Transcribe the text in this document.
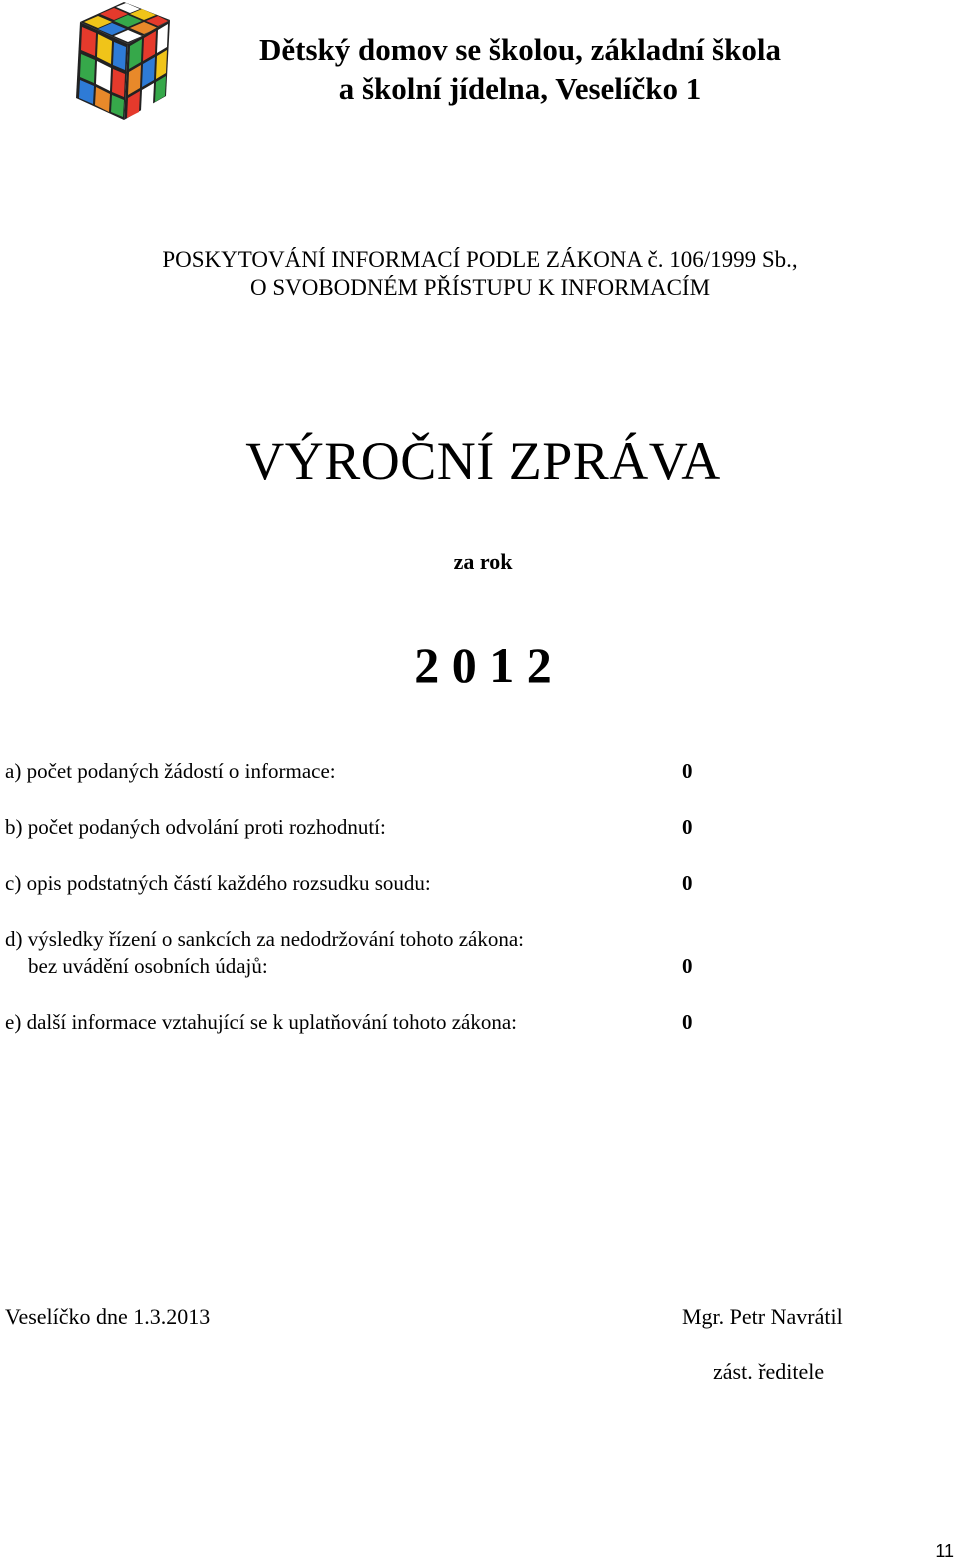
Dětský domov se školou, základní škola
a školní jídelna, Veselíčko 1
POSKYTOVÁNÍ INFORMACÍ PODLE ZÁKONA č. 106/1999 Sb.,
O SVOBODNÉM PŘÍSTUPU K INFORMACÍM
VÝROČNÍ ZPRÁVA
za rok
2 0 1 2
a) počet podaných žádostí o informace:	0
b) počet podaných odvolání proti rozhodnutí:	0
c) opis podstatných částí každého rozsudku soudu:	0
d) výsledky řízení o sankcích za nedodržování tohoto zákona:
bez uvádění osobních údajů:	0
e) další informace vztahující se k uplatňování tohoto zákona:	0
Veselíčko dne 1.3.2013	Mgr. Petr Navrátil
zást. ředitele
11
